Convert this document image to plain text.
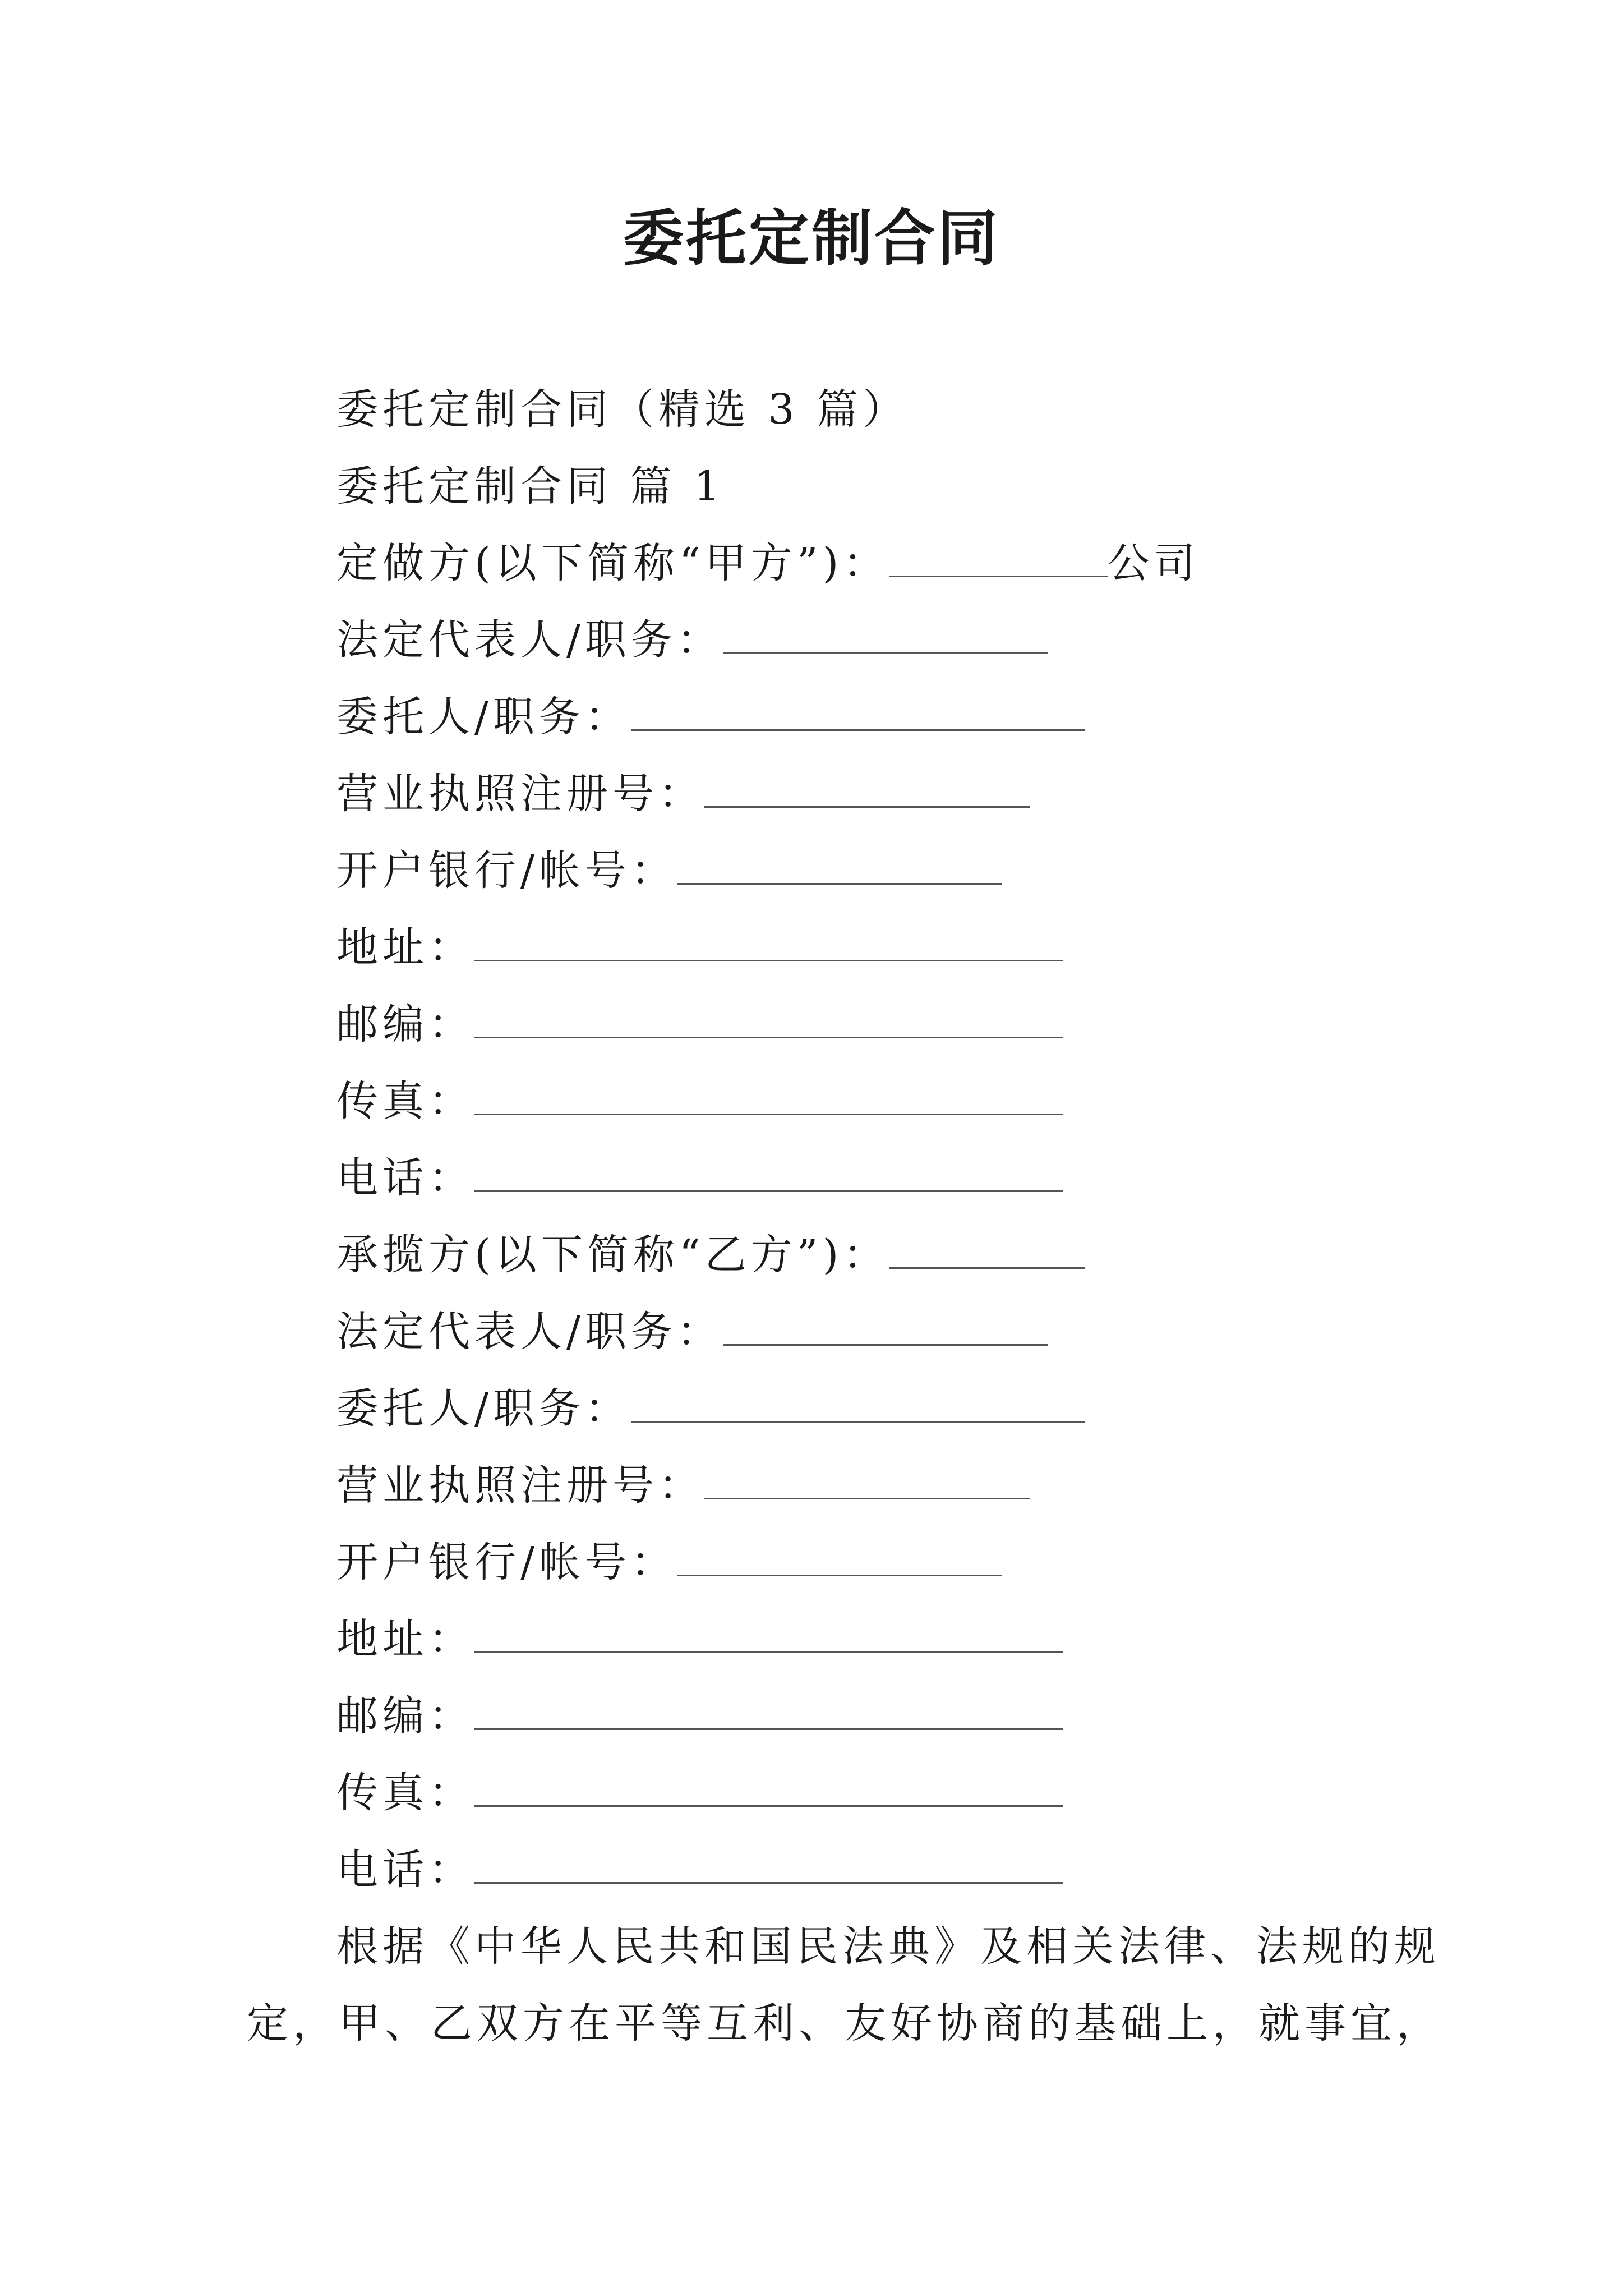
委托定制合同
委托定制合同（精选 3 篇）
委托定制合同 篇 1
定做方(以下简称“甲方”)：	公司
法定代表人/职务：
委托人/职务：
营业执照注册号：
开户银行/帐号：
地址：
邮编：
传真：
电话：
承揽方(以下简称“乙方”)：
法定代表人/职务：
委托人/职务：
营业执照注册号：
开户银行/帐号：
地址：
邮编：
传真：
电话：
根据《中华人民共和国民法典》及相关法律、法规的规
定，甲、乙双方在平等互利、友好协商的基础上，就事宜，
